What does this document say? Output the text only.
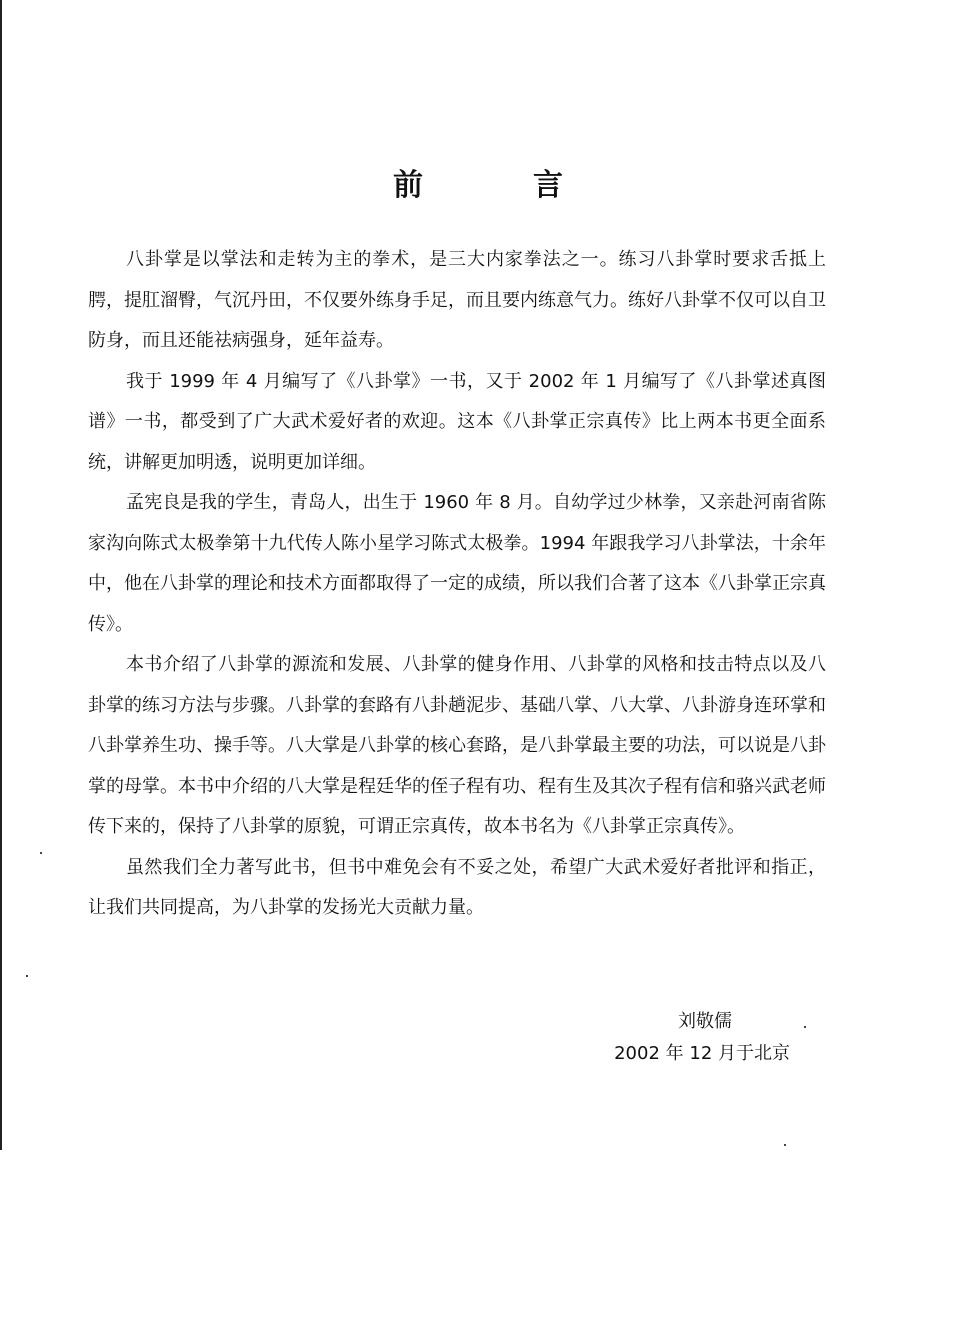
前　言

八卦掌是以掌法和走转为主的拳术，是三大内家拳法之一。练习八卦掌时要求舌抵上腭，提肛溜臀，气沉丹田，不仅要外练身手足，而且要内练意气力。练好八卦掌不仅可以自卫防身，而且还能祛病强身，延年益寿。

我于 1999 年 4 月编写了《八卦掌》一书，又于 2002 年 1 月编写了《八卦掌述真图谱》一书，都受到了广大武术爱好者的欢迎。这本《八卦掌正宗真传》比上两本书更全面系统，讲解更加明透，说明更加详细。

孟宪良是我的学生，青岛人，出生于 1960 年 8 月。自幼学过少林拳，又亲赴河南省陈家沟向陈式太极拳第十九代传人陈小星学习陈式太极拳。1994 年跟我学习八卦掌法，十余年中，他在八卦掌的理论和技术方面都取得了一定的成绩，所以我们合著了这本《八卦掌正宗真传》。

本书介绍了八卦掌的源流和发展、八卦掌的健身作用、八卦掌的风格和技击特点以及八卦掌的练习方法与步骤。八卦掌的套路有八卦趟泥步、基础八掌、八大掌、八卦游身连环掌和八卦掌养生功、操手等。八大掌是八卦掌的核心套路，是八卦掌最主要的功法，可以说是八卦掌的母掌。本书中介绍的八大掌是程廷华的侄子程有功、程有生及其次子程有信和骆兴武老师传下来的，保持了八卦掌的原貌，可谓正宗真传，故本书名为《八卦掌正宗真传》。

虽然我们全力著写此书，但书中难免会有不妥之处，希望广大武术爱好者批评和指正，让我们共同提高，为八卦掌的发扬光大贡献力量。

刘敬儒
2002 年 12 月于北京
